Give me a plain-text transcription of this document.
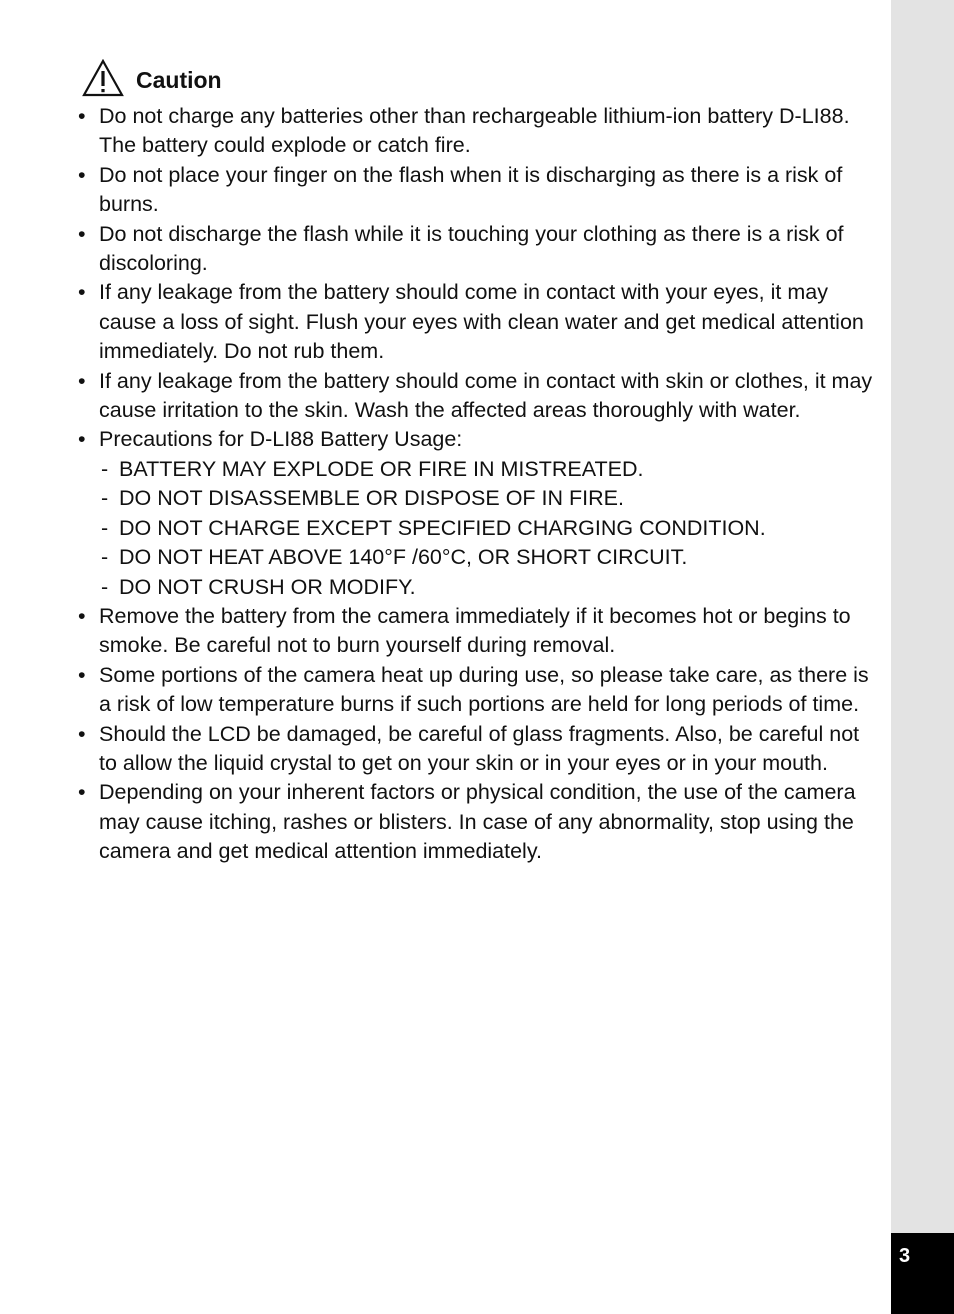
3
Caution
• Do not charge any batteries other than rechargeable lithium-ion battery D-LI88. The battery could explode or catch fire.
• Do not place your finger on the flash when it is discharging as there is a risk of burns.
• Do not discharge the flash while it is touching your clothing as there is a risk of discoloring.
• If any leakage from the battery should come in contact with your eyes, it may cause a loss of sight. Flush your eyes with clean water and get medical attention immediately. Do not rub them.
• If any leakage from the battery should come in contact with skin or clothes, it may cause irritation to the skin. Wash the affected areas thoroughly with water.
• Precautions for D-LI88 Battery Usage:
- BATTERY MAY EXPLODE OR FIRE IN MISTREATED.
- DO NOT DISASSEMBLE OR DISPOSE OF IN FIRE.
- DO NOT CHARGE EXCEPT SPECIFIED CHARGING CONDITION.
- DO NOT HEAT ABOVE 140°F /60°C, OR SHORT CIRCUIT.
- DO NOT CRUSH OR MODIFY.
• Remove the battery from the camera immediately if it becomes hot or begins to smoke. Be careful not to burn yourself during removal.
• Some portions of the camera heat up during use, so please take care, as there is a risk of low temperature burns if such portions are held for long periods of time.
• Should the LCD be damaged, be careful of glass fragments. Also, be careful not to allow the liquid crystal to get on your skin or in your eyes or in your mouth.
• Depending on your inherent factors or physical condition, the use of the camera may cause itching, rashes or blisters. In case of any abnormality, stop using the camera and get medical attention immediately.
